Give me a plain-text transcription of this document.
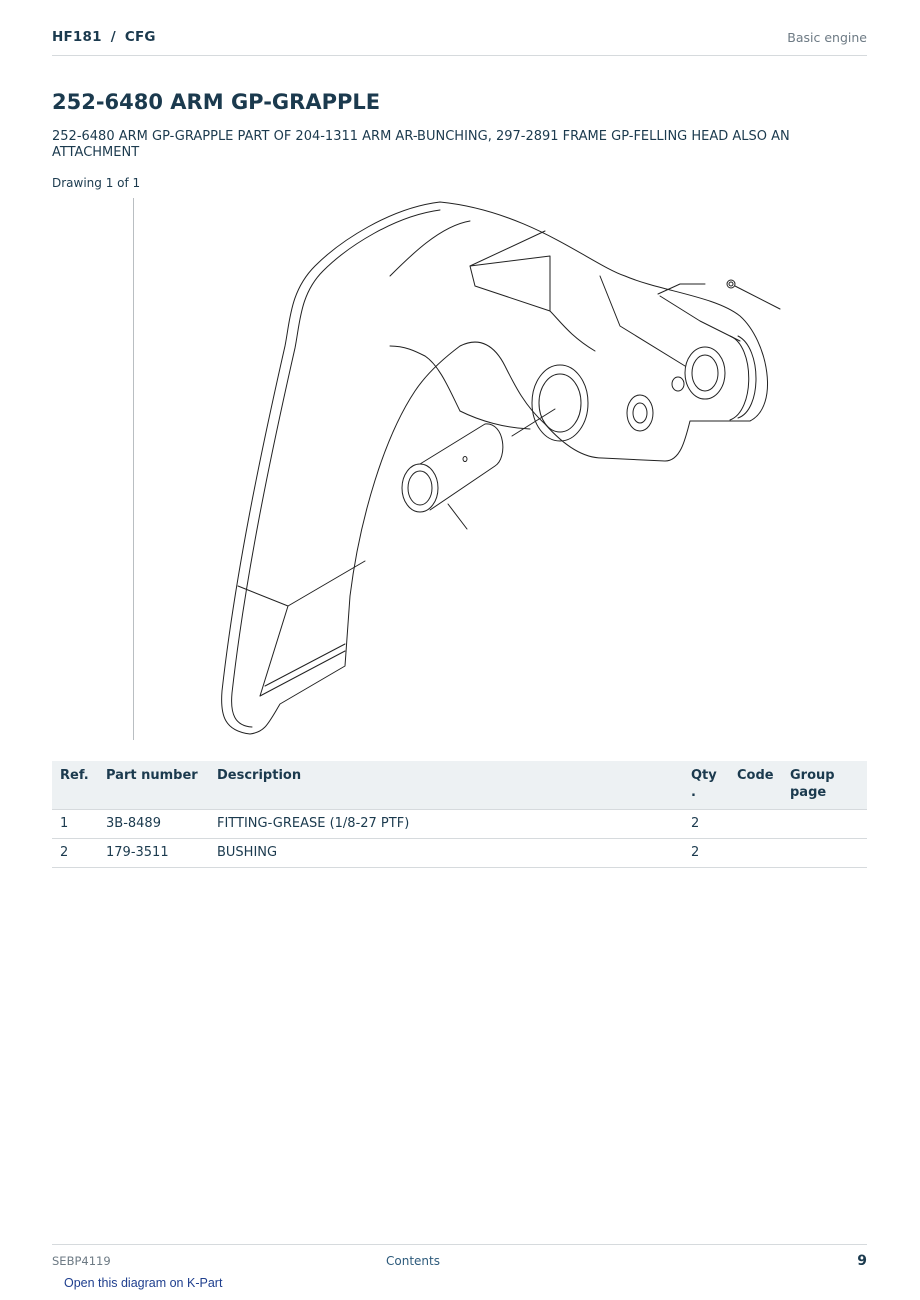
HF181 / CFG	Basic engine
252-6480 ARM GP-GRAPPLE

252-6480 ARM GP-GRAPPLE PART OF 204-1311 ARM AR-BUNCHING, 297-2891 FRAME GP-FELLING HEAD ALSO AN ATTACHMENT

Drawing 1 of 1
Ref.	Part number	Description	Qty .	Code	Group page
1	3B-8489	FITTING-GREASE (1/8-27 PTF)	2		
2	179-3511	BUSHING	2		
SEBP4119	Contents	9
Open this diagram on K-Part
